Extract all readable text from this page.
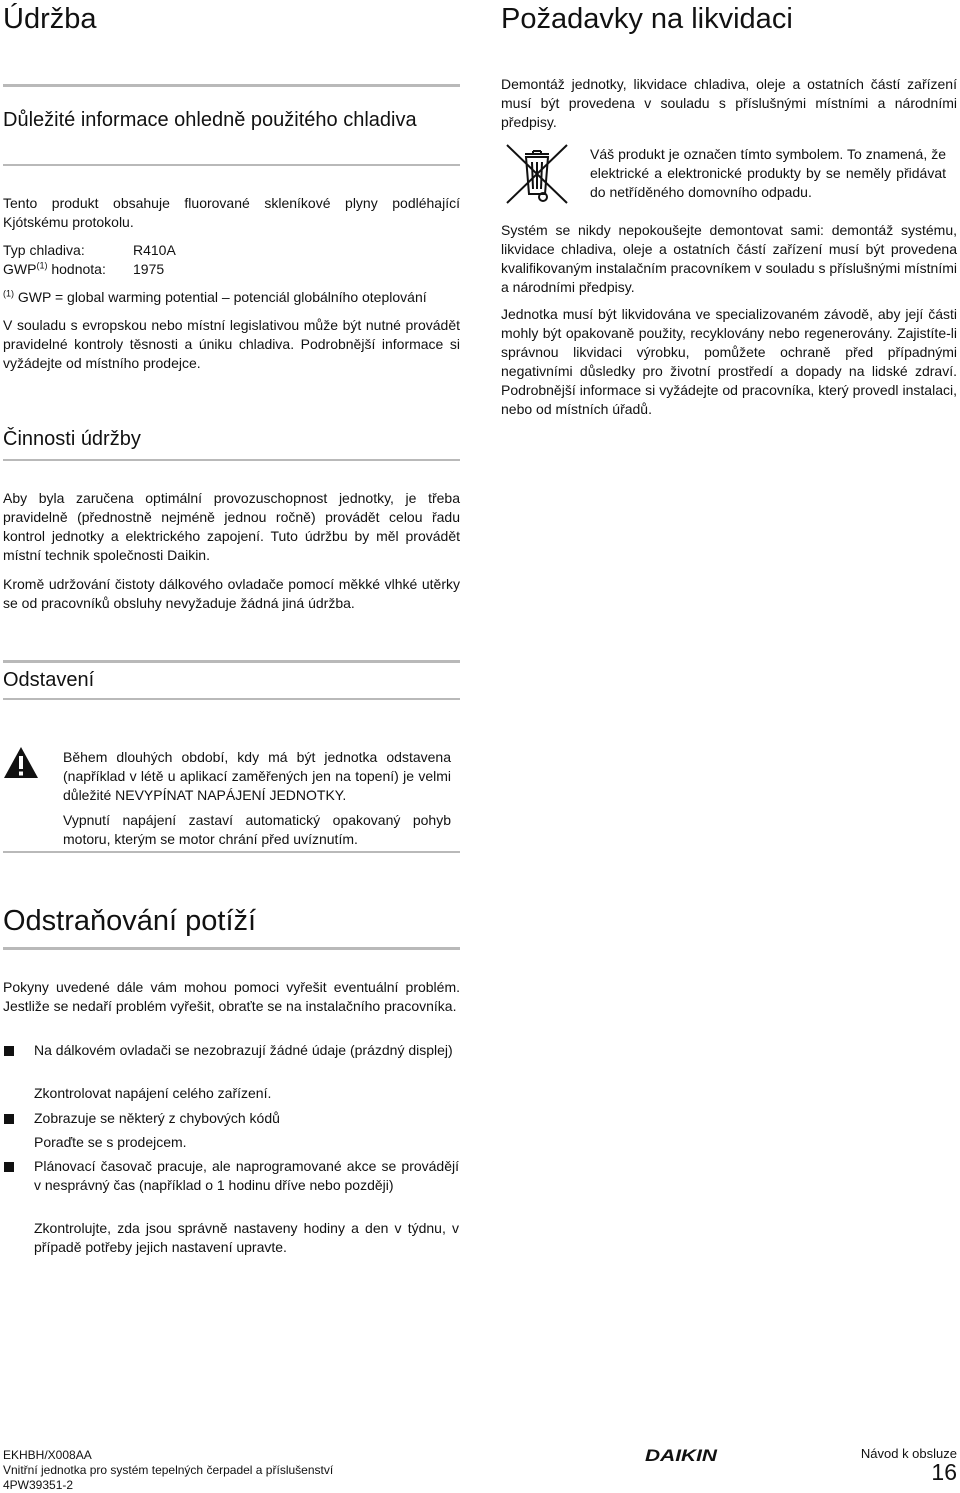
Údržba
Důležité informace ohledně použitého chladiva

Tento produkt obsahuje fluorované skleníkové plyny podléhající Kjótskému protokolu.

Typ chladiva:	R410A
GWP$^{(1)}$ hodnota:	1975

$^{(1)}$ GWP = global warming potential – potenciál globálního oteplování

V souladu s evropskou nebo místní legislativou může být nutné provádět pravidelné kontroly těsnosti a úniku chladiva. Podrobnější informace si vyžádejte od místního prodejce.

Činnosti údržby

Aby byla zaručena optimální provozuschopnost jednotky, je třeba pravidelně (přednostně nejméně jednou ročně) provádět celou řadu kontrol jednotky a elektrického zapojení. Tuto údržbu by měl provádět místní technik společnosti Daikin.

Kromě udržování čistoty dálkového ovladače pomocí měkké vlhké utěrky se od pracovníků obsluhy nevyžaduje žádná jiná údržba.

Odstavení

Během dlouhých období, kdy má být jednotka odstavena (například v létě u aplikací zaměřených jen na topení) je velmi důležité NEVYPÍNAT NAPÁJENÍ JEDNOTKY.

Vypnutí napájení zastaví automatický opakovaný pohyb motoru, kterým se motor chrání před uvíznutím.

Odstraňování potíží

Pokyny uvedené dále vám mohou pomoci vyřešit eventuální problém. Jestliže se nedaří problém vyřešit, obraťte se na instalačního pracovníka.

Na dálkovém ovladači se nezobrazují žádné údaje (prázdný displej)

Zkontrolovat napájení celého zařízení.

Zobrazuje se některý z chybových kódů

Poraďte se s prodejcem.

Plánovací časovač pracuje, ale naprogramované akce se provádějí v nesprávný čas (například o 1 hodinu dříve nebo později)

Zkontrolujte, zda jsou správně nastaveny hodiny a den v týdnu, v případě potřeby jejich nastavení upravte.

Požadavky na likvidaci

Demontáž jednotky, likvidace chladiva, oleje a ostatních částí zařízení musí být provedena v souladu s příslušnými místními a národními předpisy.

Váš produkt je označen tímto symbolem. To znamená, že elektrické a elektronické produkty by se neměly přidávat do netříděného domovního odpadu.

Systém se nikdy nepokoušejte demontovat sami: demontáž systému, likvidace chladiva, oleje a ostatních částí zařízení musí být provedena kvalifikovaným instalačním pracovníkem v souladu s příslušnými místními a národními předpisy.

Jednotka musí být likvidována ve specializovaném závodě, aby její části mohly být opakovaně použity, recyklovány nebo regenerovány. Zajistíte-li správnou likvidaci výrobku, pomůžete ochraně před případnými negativními důsledky pro životní prostředí a dopady na lidské zdraví. Podrobnější informace si vyžádejte od pracovníka, který provedl instalaci, nebo od místních úřadů.

EKHBH/X008AA
Vnitřní jednotka pro systém tepelných čerpadel a příslušenství
4PW39351-2
DAIKIN	Návod k obsluze
16
